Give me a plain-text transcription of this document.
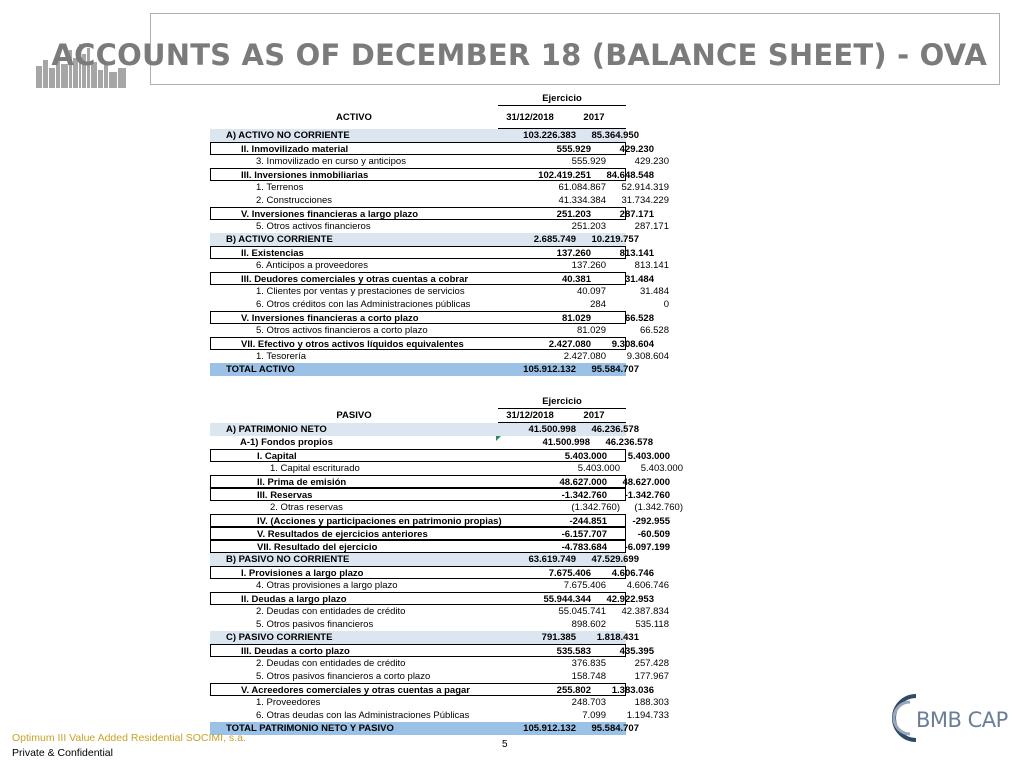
ACCOUNTS AS OF DECEMBER 18 (BALANCE SHEET) - OVA
Ejercicio
ACTIVO	31/12/2018	2017
A) ACTIVO NO CORRIENTE	103.226.383	85.364.950
II. Inmovilizado material	555.929	429.230
3. Inmovilizado en curso y anticipos	555.929	429.230
III. Inversiones inmobiliarias	102.419.251	84.648.548
1. Terrenos	61.084.867	52.914.319
2. Construcciones	41.334.384	31.734.229
V. Inversiones financieras a largo plazo	251.203	287.171
5. Otros activos financieros	251.203	287.171
B) ACTIVO CORRIENTE	2.685.749	10.219.757
II. Existencias	137.260	813.141
6. Anticipos a proveedores	137.260	813.141
III. Deudores comerciales y otras cuentas a cobrar	40.381	31.484
1. Clientes por ventas y prestaciones de servicios	40.097	31.484
6. Otros créditos con las Administraciones públicas	284	0
V. Inversiones financieras a corto plazo	81.029	66.528
5. Otros activos financieros a corto plazo	81.029	66.528
VII. Efectivo y otros activos líquidos equivalentes	2.427.080	9.308.604
1. Tesorería	2.427.080	9.308.604
TOTAL ACTIVO	105.912.132	95.584.707
Ejercicio
PASIVO	31/12/2018	2017
A) PATRIMONIO NETO	41.500.998	46.236.578
A-1) Fondos propios	41.500.998	46.236.578
I. Capital	5.403.000	5.403.000
1. Capital escriturado	5.403.000	5.403.000
II. Prima de emisión	48.627.000	48.627.000
III. Reservas	-1.342.760	-1.342.760
2. Otras reservas	(1.342.760)	(1.342.760)
IV. (Acciones y participaciones en patrimonio propias)	-244.851	-292.955
V. Resultados de ejercicios anteriores	-6.157.707	-60.509
VII. Resultado del ejercicio	-4.783.684	-6.097.199
B) PASIVO NO CORRIENTE	63.619.749	47.529.699
I. Provisiones a largo plazo	7.675.406	4.606.746
4. Otras provisiones a largo plazo	7.675.406	4.606.746
II. Deudas a largo plazo	55.944.344	42.922.953
2. Deudas con entidades de crédito	55.045.741	42.387.834
5. Otros pasivos financieros	898.602	535.118
C) PASIVO CORRIENTE	791.385	1.818.431
III. Deudas a corto plazo	535.583	435.395
2. Deudas con entidades de crédito	376.835	257.428
5. Otros pasivos financieros a corto plazo	158.748	177.967
V. Acreedores comerciales y otras cuentas a pagar	255.802	1.383.036
1. Proveedores	248.703	188.303
6. Otras deudas con las Administraciones Públicas	7.099	1.194.733
TOTAL PATRIMONIO NETO Y PASIVO	105.912.132	95.584.707
Optimum III Value Added Residential SOCIMI, s.a.
Private & Confidential
5
BMB CAP
